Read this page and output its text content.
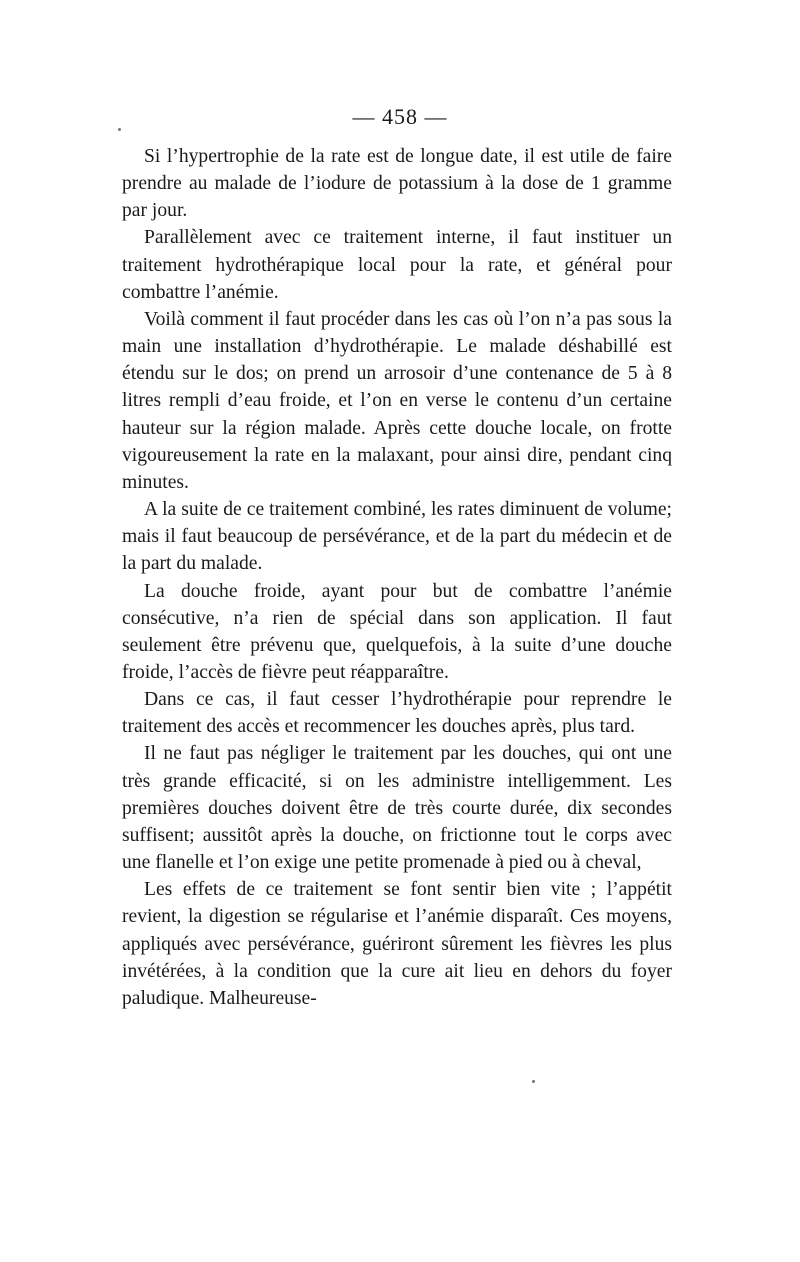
— 458 —

Si l’hypertrophie de la rate est de longue date, il est utile de faire prendre au malade de l’iodure de potassium à la dose de 1 gramme par jour.

Parallèlement avec ce traitement interne, il faut instituer un traitement hydrothérapique local pour la rate, et général pour combattre l’anémie.

Voilà comment il faut procéder dans les cas où l’on n’a pas sous la main une installation d’hydrothérapie. Le malade déshabillé est étendu sur le dos; on prend un arrosoir d’une contenance de 5 à 8 litres rempli d’eau froide, et l’on en verse le contenu d’un certaine hauteur sur la région malade. Après cette douche locale, on frotte vigoureusement la rate en la malaxant, pour ainsi dire, pendant cinq minutes.

A la suite de ce traitement combiné, les rates diminuent de volume; mais il faut beaucoup de persévérance, et de la part du médecin et de la part du malade.

La douche froide, ayant pour but de combattre l’anémie consécutive, n’a rien de spécial dans son application. Il faut seulement être prévenu que, quelquefois, à la suite d’une douche froide, l’accès de fièvre peut réapparaître.

Dans ce cas, il faut cesser l’hydrothérapie pour reprendre le traitement des accès et recommencer les douches après, plus tard.

Il ne faut pas négliger le traitement par les douches, qui ont une très grande efficacité, si on les administre intelligemment. Les premières douches doivent être de très courte durée, dix secondes suffisent; aussitôt après la douche, on frictionne tout le corps avec une flanelle et l’on exige une petite promenade à pied ou à cheval,

Les effets de ce traitement se font sentir bien vite ; l’appétit revient, la digestion se régularise et l’anémie disparaît. Ces moyens, appliqués avec persévérance, guériront sûrement les fièvres les plus invétérées, à la condition que la cure ait lieu en dehors du foyer paludique. Malheureuse-
